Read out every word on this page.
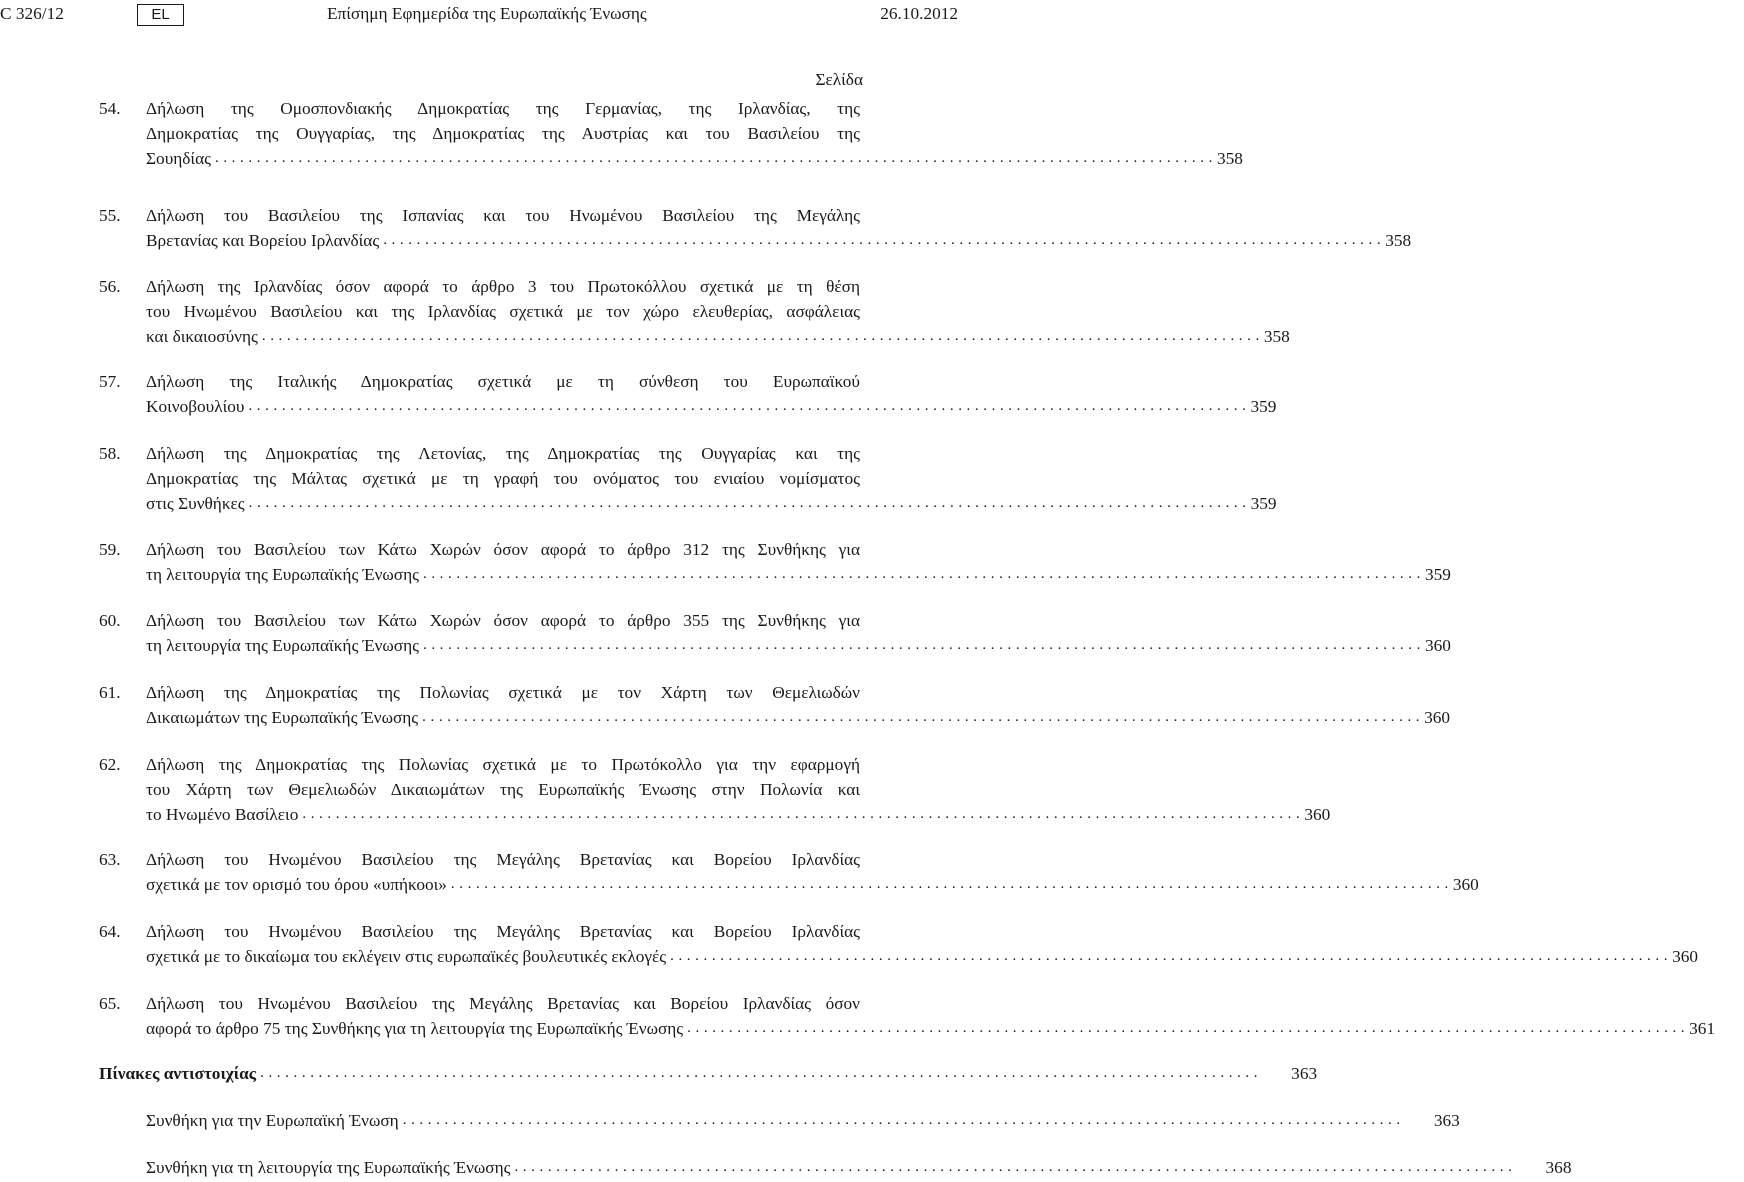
C 326/12	EL	Επίσημη Εφημερίδα της Ευρωπαϊκής Ένωσης	26.10.2012
Σελίδα
54. Δήλωση της Ομοσπονδιακής Δημοκρατίας της Γερμανίας, της Ιρλανδίας, της
Δημοκρατίας της Ουγγαρίας, της Δημοκρατίας της Αυστρίας και του Βασιλείου της
Σουηδίας ........................................................................................................................ 358
55. Δήλωση του Βασιλείου της Ισπανίας και του Ηνωμένου Βασιλείου της Μεγάλης
Βρετανίας και Βορείου Ιρλανδίας ........................................................................................................................ 358
56. Δήλωση της Ιρλανδίας όσον αφορά το άρθρο 3 του Πρωτοκόλλου σχετικά με τη θέση
του Ηνωμένου Βασιλείου και της Ιρλανδίας σχετικά με τον χώρο ελευθερίας, ασφάλειας
και δικαιοσύνης ........................................................................................................................ 358
57. Δήλωση της Ιταλικής Δημοκρατίας σχετικά με τη σύνθεση του Ευρωπαϊκού
Κοινοβουλίου ........................................................................................................................ 359
58. Δήλωση της Δημοκρατίας της Λετονίας, της Δημοκρατίας της Ουγγαρίας και της
Δημοκρατίας της Μάλτας σχετικά με τη γραφή του ονόματος του ενιαίου νομίσματος
στις Συνθήκες ........................................................................................................................ 359
59. Δήλωση του Βασιλείου των Κάτω Χωρών όσον αφορά το άρθρο 312 της Συνθήκης για
τη λειτουργία της Ευρωπαϊκής Ένωσης ........................................................................................................................ 359
60. Δήλωση του Βασιλείου των Κάτω Χωρών όσον αφορά το άρθρο 355 της Συνθήκης για
τη λειτουργία της Ευρωπαϊκής Ένωσης ........................................................................................................................ 360
61. Δήλωση της Δημοκρατίας της Πολωνίας σχετικά με τον Χάρτη των Θεμελιωδών
Δικαιωμάτων της Ευρωπαϊκής Ένωσης ........................................................................................................................ 360
62. Δήλωση της Δημοκρατίας της Πολωνίας σχετικά με το Πρωτόκολλο για την εφαρμογή
του Χάρτη των Θεμελιωδών Δικαιωμάτων της Ευρωπαϊκής Ένωσης στην Πολωνία και
το Ηνωμένο Βασίλειο ........................................................................................................................ 360
63. Δήλωση του Ηνωμένου Βασιλείου της Μεγάλης Βρετανίας και Βορείου Ιρλανδίας
σχετικά με τον ορισμό του όρου «υπήκοοι» ........................................................................................................................ 360
64. Δήλωση του Ηνωμένου Βασιλείου της Μεγάλης Βρετανίας και Βορείου Ιρλανδίας
σχετικά με το δικαίωμα του εκλέγειν στις ευρωπαϊκές βουλευτικές εκλογές ........................................................................................................................ 360
65. Δήλωση του Ηνωμένου Βασιλείου της Μεγάλης Βρετανίας και Βορείου Ιρλανδίας όσον
αφορά το άρθρο 75 της Συνθήκης για τη λειτουργία της Ευρωπαϊκής Ένωσης ........................................................................................................................ 361
Πίνακες αντιστοιχίας ........................................................................................................................	363
Συνθήκη για την Ευρωπαϊκή Ένωση ........................................................................................................................	363
Συνθήκη για τη λειτουργία της Ευρωπαϊκής Ένωσης ........................................................................................................................	368
